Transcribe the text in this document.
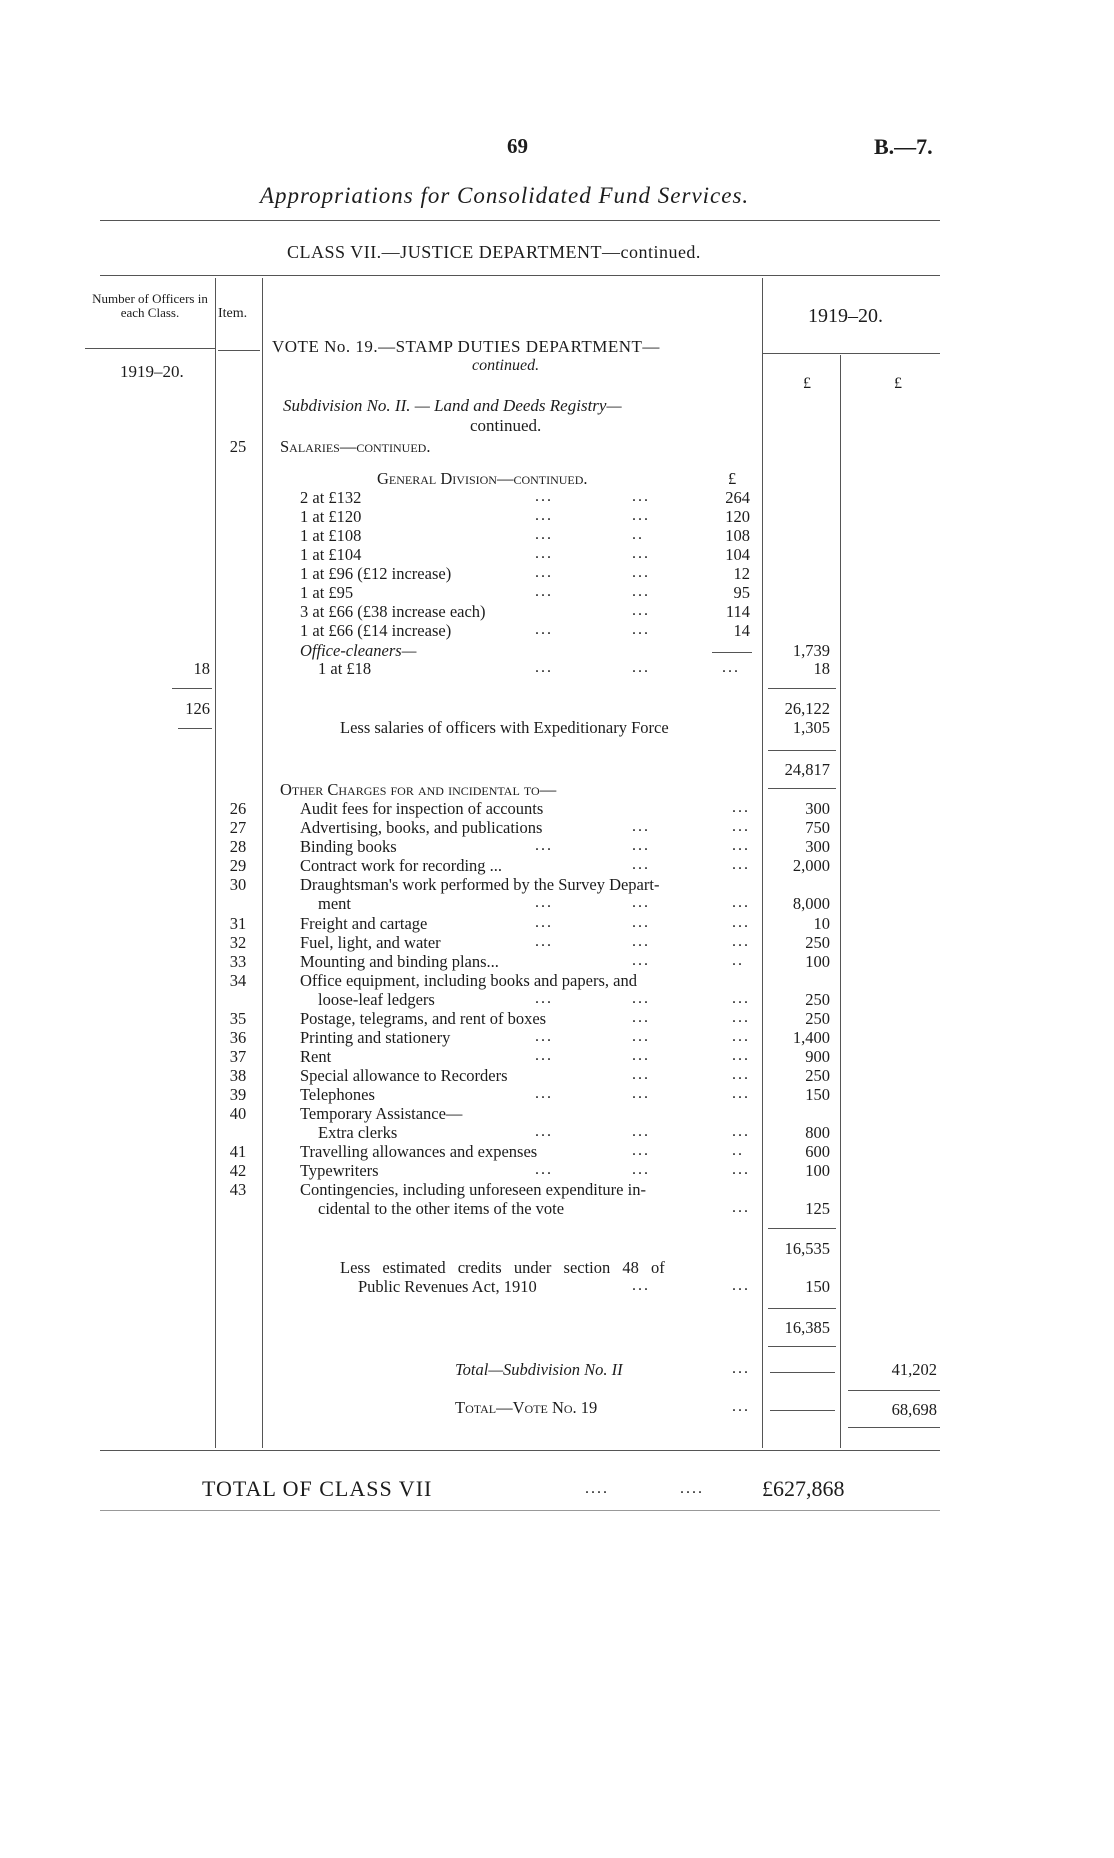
69	B.—7.
Appropriations for Consolidated Fund Services.
CLASS VII.—JUSTICE DEPARTMENT—continued.
Number of Officers in each Class.	Item.	1919–20.
1919–20.
£	£
VOTE No. 19.—STAMP DUTIES DEPARTMENT—
continued.
Subdivision No. II. — Land and Deeds Registry—
continued.
25	Salaries—continued.
General Division—continued.	£
2 at £132	...	...	264
1 at £120	...	...	120
1 at £108	...	..	108
1 at £104	...	...	104
1 at £96 (£12 increase)	...	...	12
1 at £95	...	...	95
3 at £66 (£38 increase each)	...	114
1 at £66 (£14 increase)	...	...	14
Office-cleaners—	1,739
18	1 at £18	...	...	...	18
126	26,122
Less salaries of officers with Expeditionary Force	1,305
24,817
Other Charges for and incidental to—
26	Audit fees for inspection of accounts	...	300
27	Advertising, books, and publications	...	...	750
28	Binding books	...	...	...	300
29	Contract work for recording ...	...	...	2,000
30	Draughtsman's work performed by the Survey Depart-
ment	...	...	...	8,000
31	Freight and cartage	...	...	...	10
32	Fuel, light, and water	...	...	...	250
33	Mounting and binding plans...	...	..	100
34	Office equipment, including books and papers, and
loose-leaf ledgers	...	...	...	250
35	Postage, telegrams, and rent of boxes	...	...	250
36	Printing and stationery	...	...	...	1,400
37	Rent	...	...	...	900
38	Special allowance to Recorders	...	...	250
39	Telephones	...	...	...	150
40	Temporary Assistance—
Extra clerks	...	...	...	800
41	Travelling allowances and expenses	...	..	600
42	Typewriters	...	...	...	100
43	Contingencies, including unforeseen expenditure in-
cidental to the other items of the vote	...	125
16,535
Less estimated credits under section 48 of
Public Revenues Act, 1910	...	...	150
16,385
Total—Subdivision No. II	...	41,202
Total—Vote No. 19	...	68,698
TOTAL OF CLASS VII	....	....	£627,868
